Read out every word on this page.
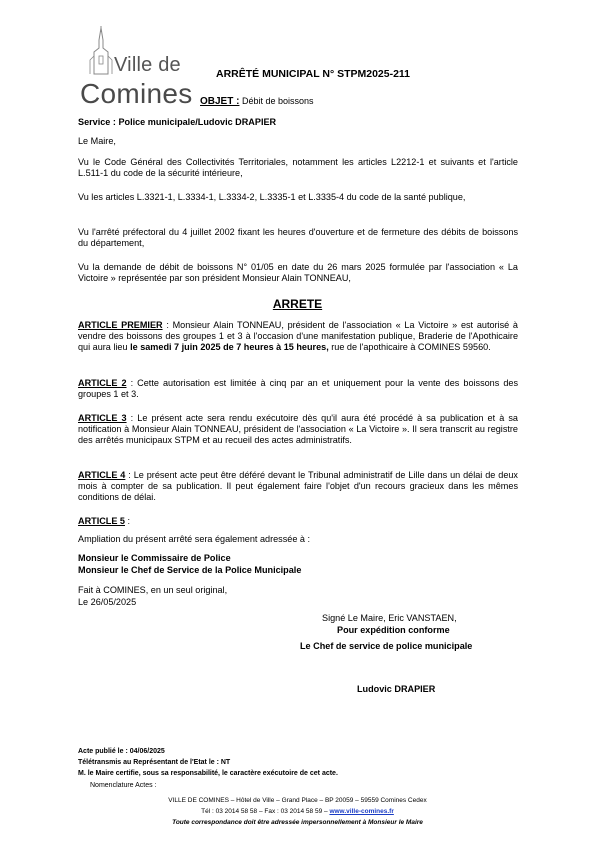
Ville de
Comines
ARRÊTÉ MUNICIPAL N° STPM2025-211
OBJET : Débit de boissons
Service : Police municipale/Ludovic DRAPIER
Le Maire,
Vu le Code Général des Collectivités Territoriales, notamment les articles L2212-1 et suivants et l'article L.511-1 du code de la sécurité intérieure,
Vu les articles L.3321-1, L.3334-1, L.3334-2, L.3335-1 et L.3335-4 du code de la santé publique,
Vu l'arrêté préfectoral du 4 juillet 2002 fixant les heures d'ouverture et de fermeture des débits de boissons du département,
Vu la demande de débit de boissons N° 01/05 en date du 26 mars 2025 formulée par l'association « La Victoire » représentée par son président Monsieur Alain TONNEAU,
ARRETE
ARTICLE PREMIER : Monsieur Alain TONNEAU, président de l'association « La Victoire » est autorisé à vendre des boissons des groupes 1 et 3 à l'occasion d'une manifestation publique, Braderie de l'Apothicaire qui aura lieu le samedi 7 juin 2025 de 7 heures à 15 heures, rue de l'apothicaire à COMINES 59560.
ARTICLE 2 : Cette autorisation est limitée à cinq par an et uniquement pour la vente des boissons des groupes 1 et 3.
ARTICLE 3 : Le présent acte sera rendu exécutoire dès qu'il aura été procédé à sa publication et à sa notification à Monsieur Alain TONNEAU, président de l'association « La Victoire ». Il sera transcrit au registre des arrêtés municipaux STPM et au recueil des actes administratifs.
ARTICLE 4 : Le présent acte peut être déféré devant le Tribunal administratif de Lille dans un délai de deux mois à compter de sa publication. Il peut également faire l'objet d'un recours gracieux dans les mêmes conditions de délai.
ARTICLE 5 :
Ampliation du présent arrêté sera également adressée à :
Monsieur le Commissaire de Police
Monsieur le Chef de Service de la Police Municipale
Fait à COMINES, en un seul original,
Le 26/05/2025
Signé Le Maire, Eric VANSTAEN,
Pour expédition conforme
Le Chef de service de police municipale
Ludovic DRAPIER
Acte publié le : 04/06/2025
Télétransmis au Représentant de l'Etat le : NT
M. le Maire certifie, sous sa responsabilité, le caractère exécutoire de cet acte.
Nomenclature Actes :
VILLE DE COMINES – Hôtel de Ville – Grand Place – BP 20059 – 59559 Comines Cedex
Tél : 03 2014 58 58 – Fax : 03 2014 58 59 – www.ville-comines.fr
Toute correspondance doit être adressée impersonnellement à Monsieur le Maire
